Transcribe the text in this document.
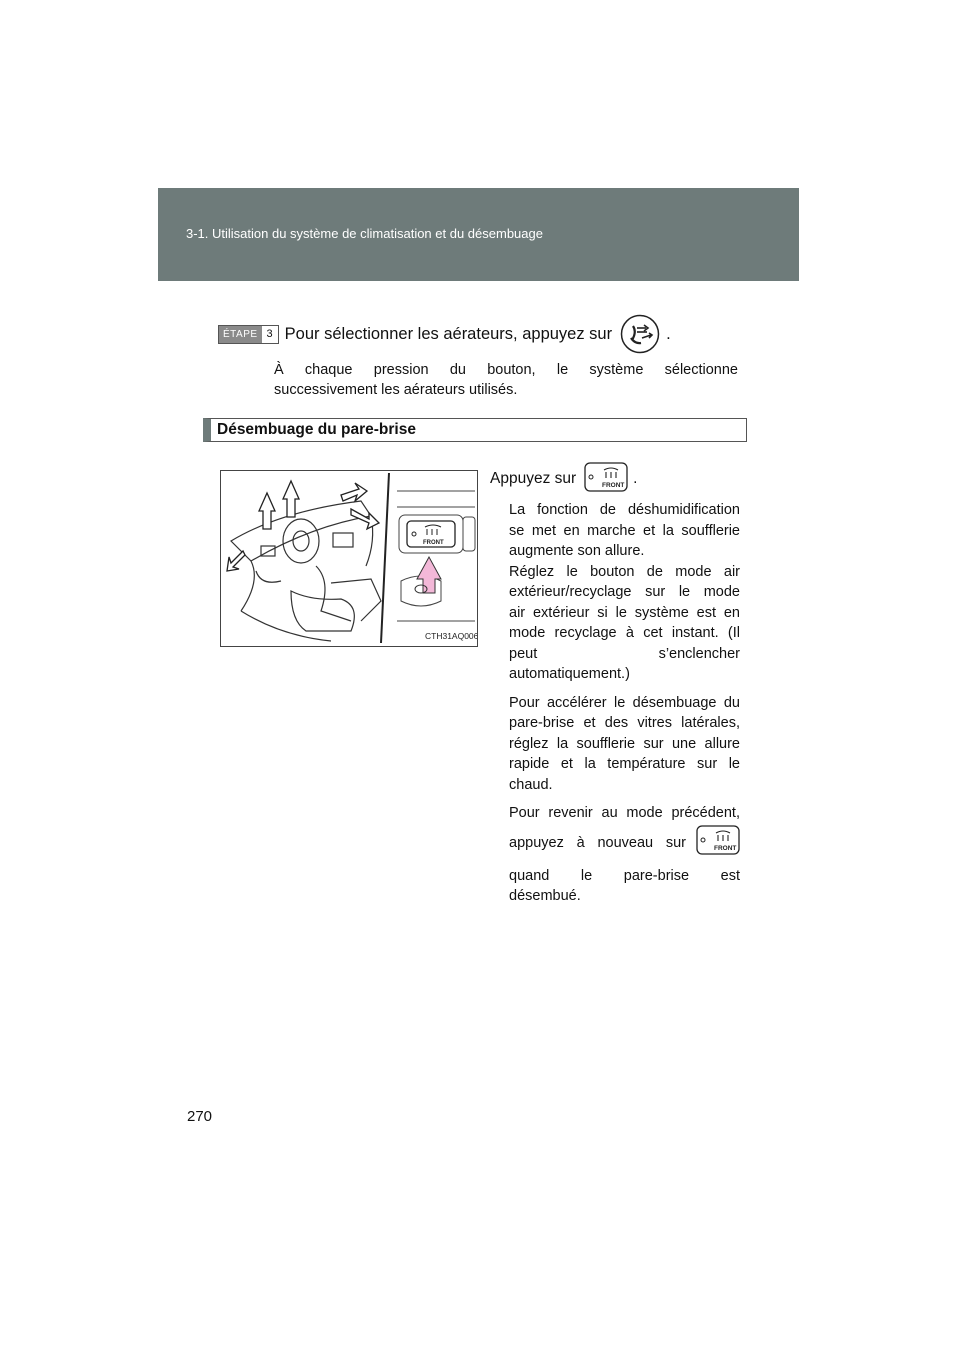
3-1. Utilisation du système de climatisation et du désembuage
ÉTAPE 3 Pour sélectionner les aérateurs, appuyez sur	.
À chaque pression du bouton, le système sélectionne
successivement les aérateurs utilisés.
Désembuage du pare-brise
FRONT
CTH31AQ006
Appuyez sur	FRONT .
La fonction de déshumidification
se met en marche et la soufflerie
augmente son allure.
Réglez le bouton de mode air
extérieur/recyclage sur le mode
air extérieur si le système est en
mode recyclage à cet instant. (Il
peut s’enclencher
automatiquement.)
Pour accélérer le désembuage du
pare-brise et des vitres latérales,
réglez la soufflerie sur une allure
rapide et la température sur le
chaud.
Pour revenir au mode précédent,
appuyez à nouveau sur	FRONT
quand le pare-brise est
désembué.
270
